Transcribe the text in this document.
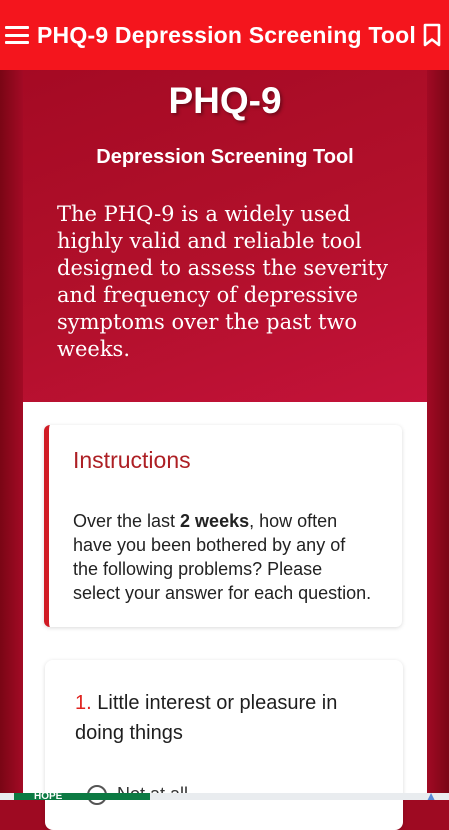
PHQ-9 Depression Screening Tool
PHQ-9
Depression Screening Tool
The PHQ-9 is a widely used highly valid and reliable tool designed to assess the severity and frequency of depressive symptoms over the past two weeks.
Instructions
Over the last 2 weeks, how often have you been bothered by any of the following problems? Please select your answer for each question.
1. Little interest or pleasure in doing things
HOPE	▲
